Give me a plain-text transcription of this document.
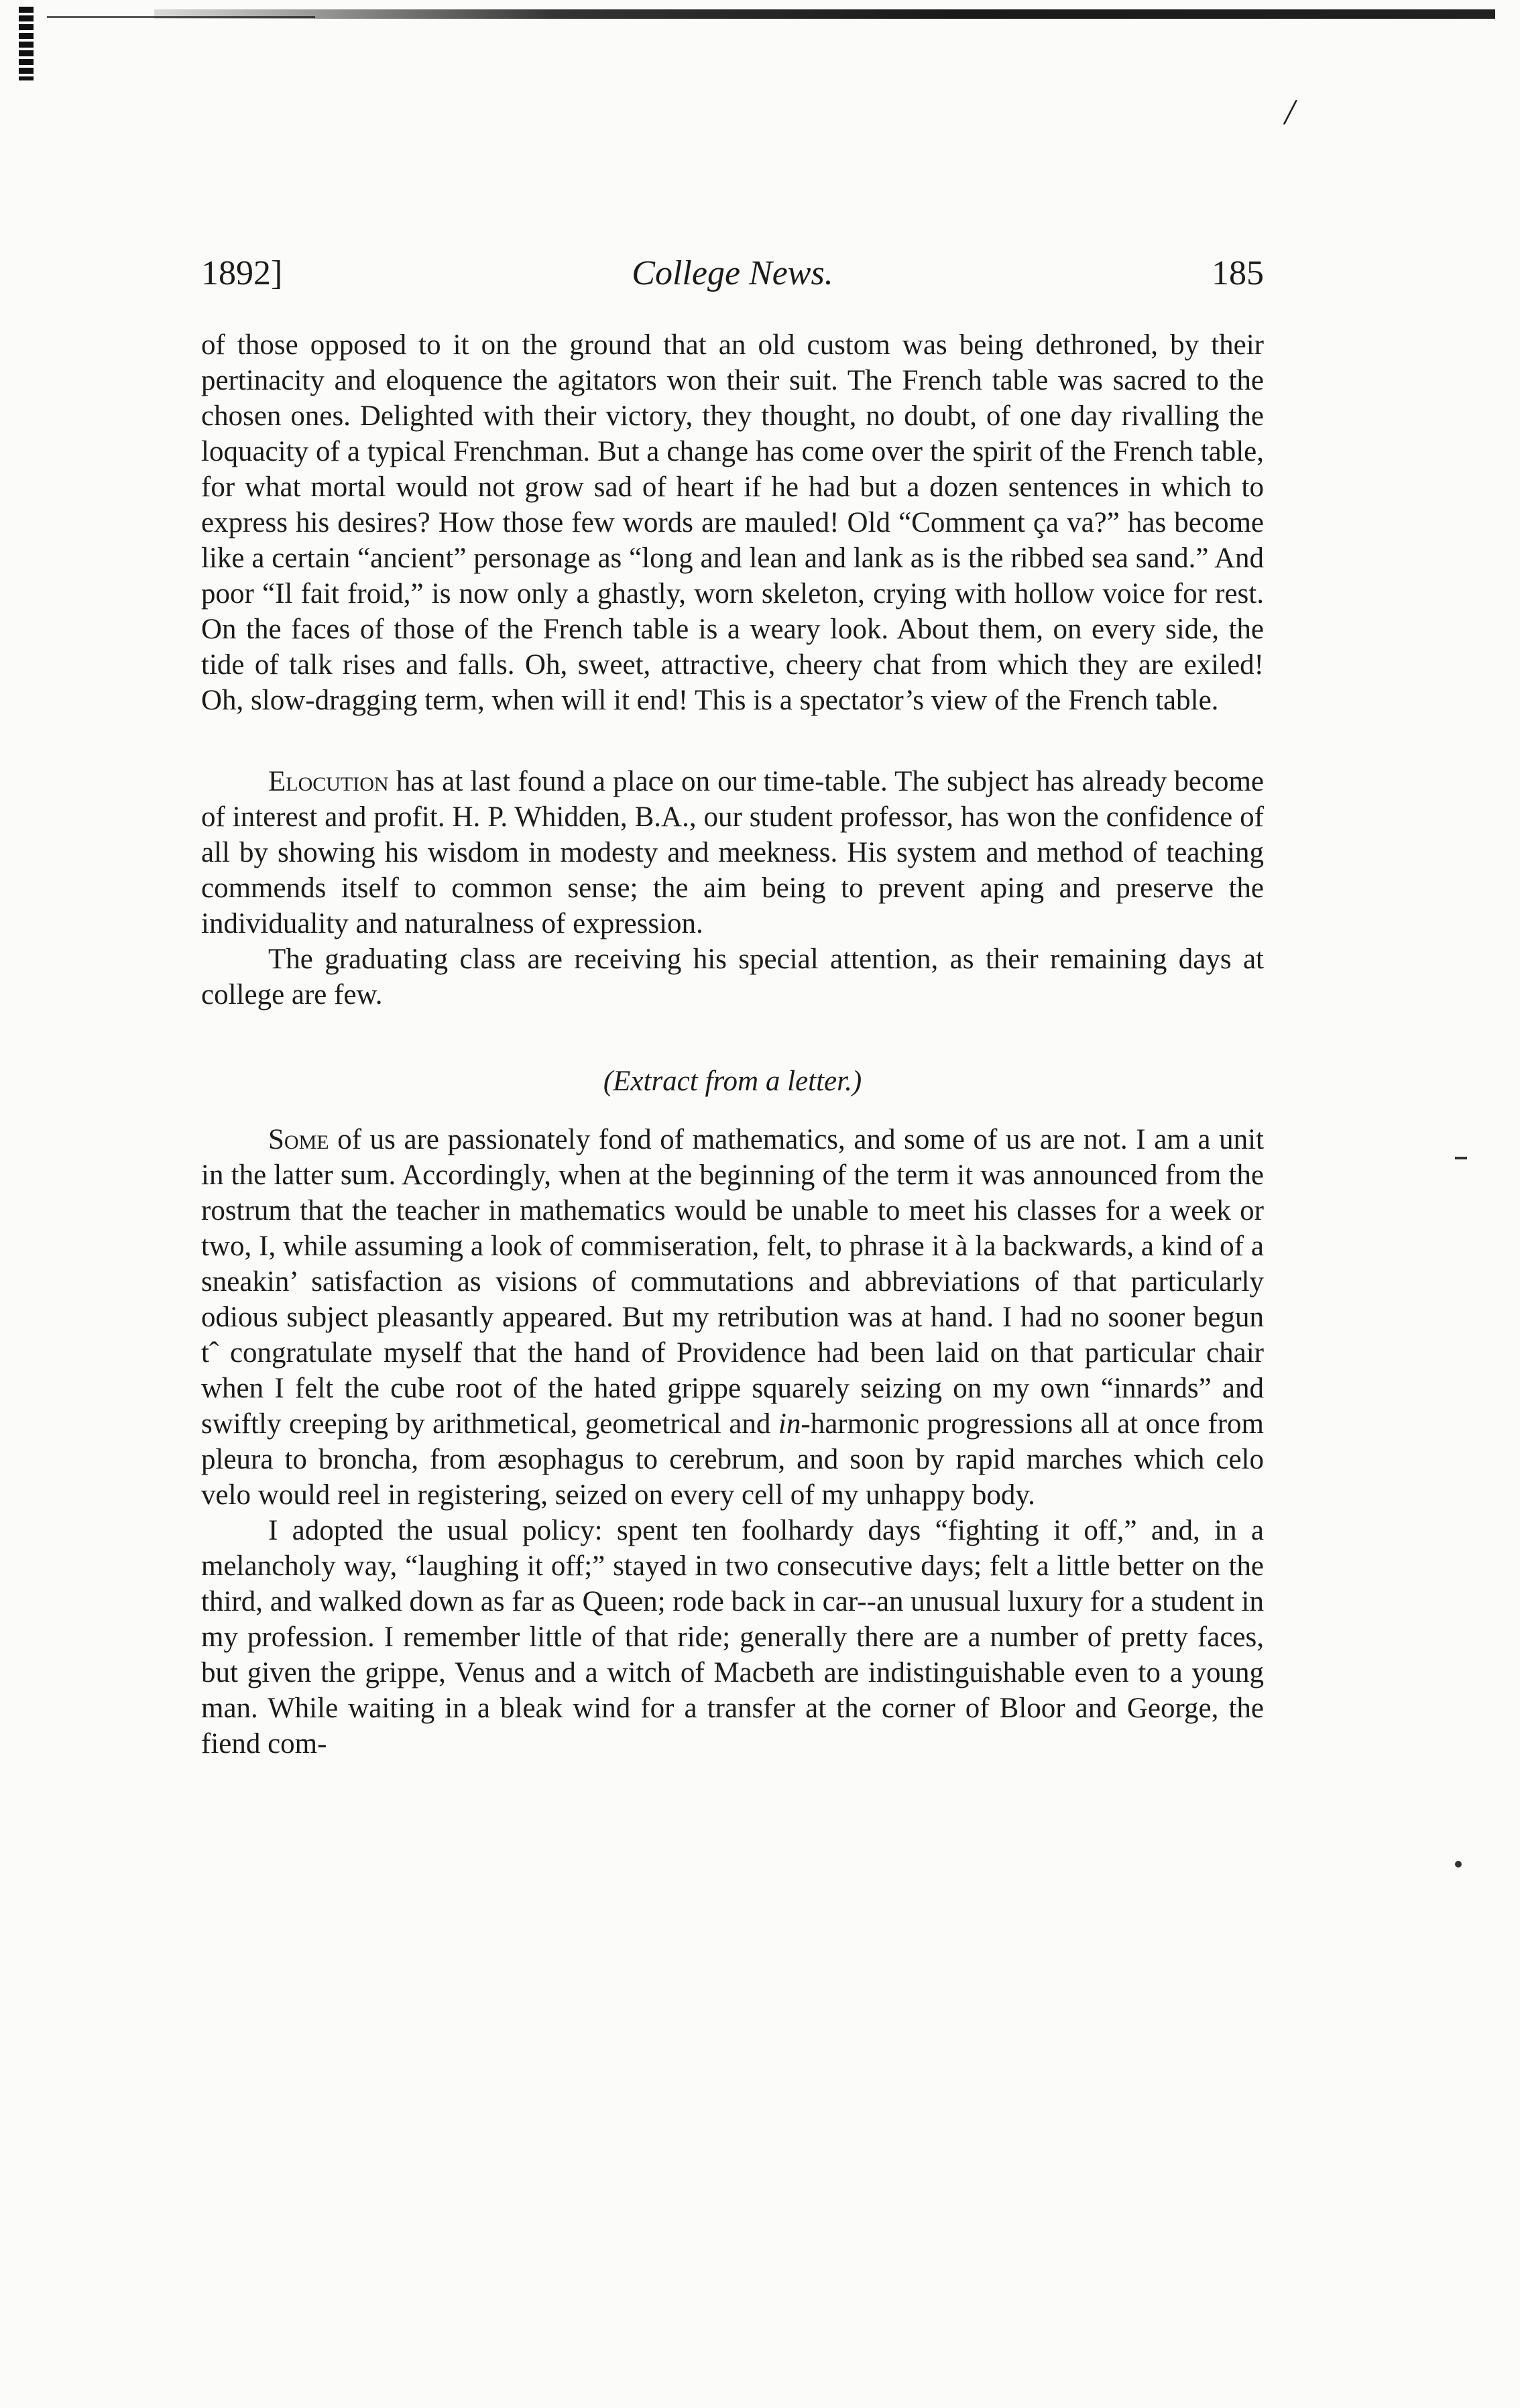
/
1892]	College News.	185

of those opposed to it on the ground that an old custom was being dethroned, by their pertinacity and eloquence the agitators won their suit. The French table was sacred to the chosen ones. Delighted with their victory, they thought, no doubt, of one day rivalling the loquacity of a typical Frenchman. But a change has come over the spirit of the French table, for what mortal would not grow sad of heart if he had but a dozen sentences in which to express his desires? How those few words are mauled! Old “Comment ça va?” has become like a certain “ancient” personage as “long and lean and lank as is the ribbed sea sand.” And poor “Il fait froid,” is now only a ghastly, worn skeleton, crying with hollow voice for rest. On the faces of those of the French table is a weary look. About them, on every side, the tide of talk rises and falls. Oh, sweet, attractive, cheery chat from which they are exiled! Oh, slow-dragging term, when will it end! This is a spectator’s view of the French table.

Elocution has at last found a place on our time-table. The subject has already become of interest and profit. H. P. Whidden, B.A., our student professor, has won the confidence of all by showing his wisdom in modesty and meekness. His system and method of teaching commends itself to common sense; the aim being to prevent aping and preserve the individuality and naturalness of expression.

The graduating class are receiving his special attention, as their remaining days at college are few.

(Extract from a letter.)

Some of us are passionately fond of mathematics, and some of us are not. I am a unit in the latter sum. Accordingly, when at the beginning of the term it was announced from the rostrum that the teacher in mathematics would be unable to meet his classes for a week or two, I, while assuming a look of commiseration, felt, to phrase it à la backwards, a kind of a sneakin’ satisfaction as visions of commutations and abbreviations of that particularly odious subject pleasantly appeared. But my retribution was at hand. I had no sooner begun tˆ congratulate myself that the hand of Providence had been laid on that particular chair when I felt the cube root of the hated grippe squarely seizing on my own “innards” and swiftly creeping by arithmetical, geometrical and in-harmonic progressions all at once from pleura to broncha, from æsophagus to cerebrum, and soon by rapid marches which celo velo would reel in registering, seized on every cell of my unhappy body.

I adopted the usual policy: spent ten foolhardy days “fighting it off,” and, in a melancholy way, “laughing it off;” stayed in two consecutive days; felt a little better on the third, and walked down as far as Queen; rode back in car--an unusual luxury for a student in my profession. I remember little of that ride; generally there are a number of pretty faces, but given the grippe, Venus and a witch of Macbeth are indistinguishable even to a young man. While waiting in a bleak wind for a transfer at the corner of Bloor and George, the fiend com-
